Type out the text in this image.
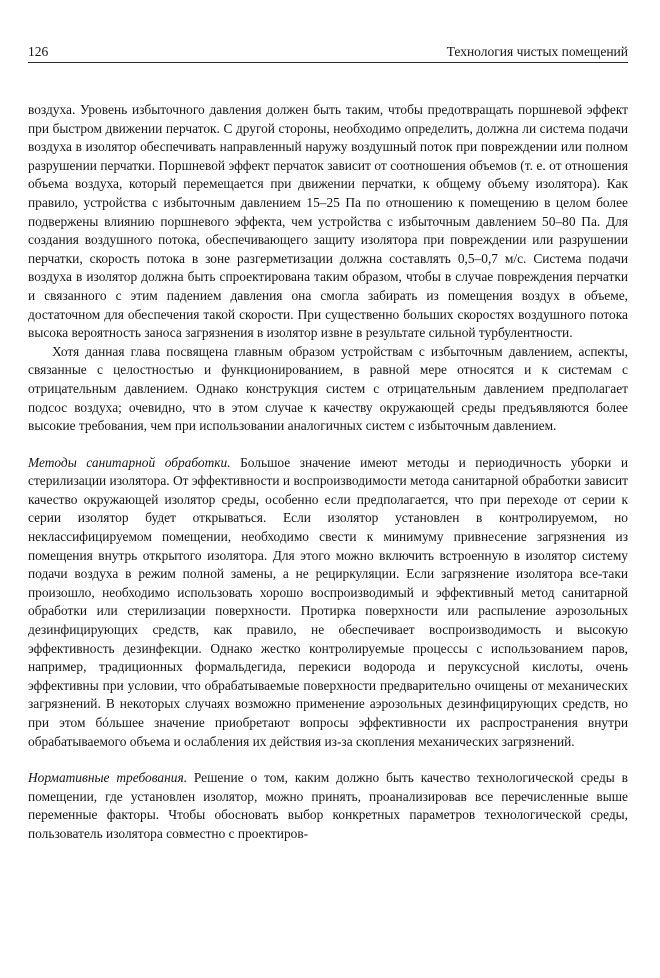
126	Технология чистых помещений

воздуха. Уровень избыточного давления должен быть таким, чтобы предотвращать поршневой эффект при быстром движении перчаток. С другой стороны, необходимо определить, должна ли система подачи воздуха в изолятор обеспечивать направленный наружу воздушный поток при повреждении или полном разрушении перчатки. Поршневой эффект перчаток зависит от соотношения объемов (т. е. от отношения объема воздуха, который перемещается при движении перчатки, к общему объему изолятора). Как правило, устройства с избыточным давлением 15–25 Па по отношению к помещению в целом более подвержены влиянию поршневого эффекта, чем устройства с избыточным давлением 50–80 Па. Для создания воздушного потока, обеспечивающего защиту изолятора при повреждении или разрушении перчатки, скорость потока в зоне разгерметизации должна составлять 0,5–0,7 м/с. Система подачи воздуха в изолятор должна быть спроектирована таким образом, чтобы в случае повреждения перчатки и связанного с этим падением давления она смогла забирать из помещения воздух в объеме, достаточном для обеспечения такой скорости. При существенно больших скоростях воздушного потока высока вероятность заноса загрязнения в изолятор извне в результате сильной турбулентности.

Хотя данная глава посвящена главным образом устройствам с избыточным давлением, аспекты, связанные с целостностью и функционированием, в равной мере относятся и к системам с отрицательным давлением. Однако конструкция систем с отрицательным давлением предполагает подсос воздуха; очевидно, что в этом случае к качеству окружающей среды предъявляются более высокие требования, чем при использовании аналогичных систем с избыточным давлением.

Методы санитарной обработки. Большое значение имеют методы и периодичность уборки и стерилизации изолятора. От эффективности и воспроизводимости метода санитарной обработки зависит качество окружающей изолятор среды, особенно если предполагается, что при переходе от серии к серии изолятор будет открываться. Если изолятор установлен в контролируемом, но неклассифицируемом помещении, необходимо свести к минимуму привнесение загрязнения из помещения внутрь открытого изолятора. Для этого можно включить встроенную в изолятор систему подачи воздуха в режим полной замены, а не рециркуляции. Если загрязнение изолятора все-таки произошло, необходимо использовать хорошо воспроизводимый и эффективный метод санитарной обработки или стерилизации поверхности. Протирка поверхности или распыление аэрозольных дезинфицирующих средств, как правило, не обеспечивает воспроизводимость и высокую эффективность дезинфекции. Однако жестко контролируемые процессы с использованием паров, например, традиционных формальдегида, перекиси водорода и перуксусной кислоты, очень эффективны при условии, что обрабатываемые поверхности предварительно очищены от механических загрязнений. В некоторых случаях возможно применение аэрозольных дезинфицирующих средств, но при этом бóльшее значение приобретают вопросы эффективности их распространения внутри обрабатываемого объема и ослабления их действия из-за скопления механических загрязнений.

Нормативные требования. Решение о том, каким должно быть качество технологической среды в помещении, где установлен изолятор, можно принять, проанализировав все перечисленные выше переменные факторы. Чтобы обосновать выбор конкретных параметров технологической среды, пользователь изолятора совместно с проектиров-
